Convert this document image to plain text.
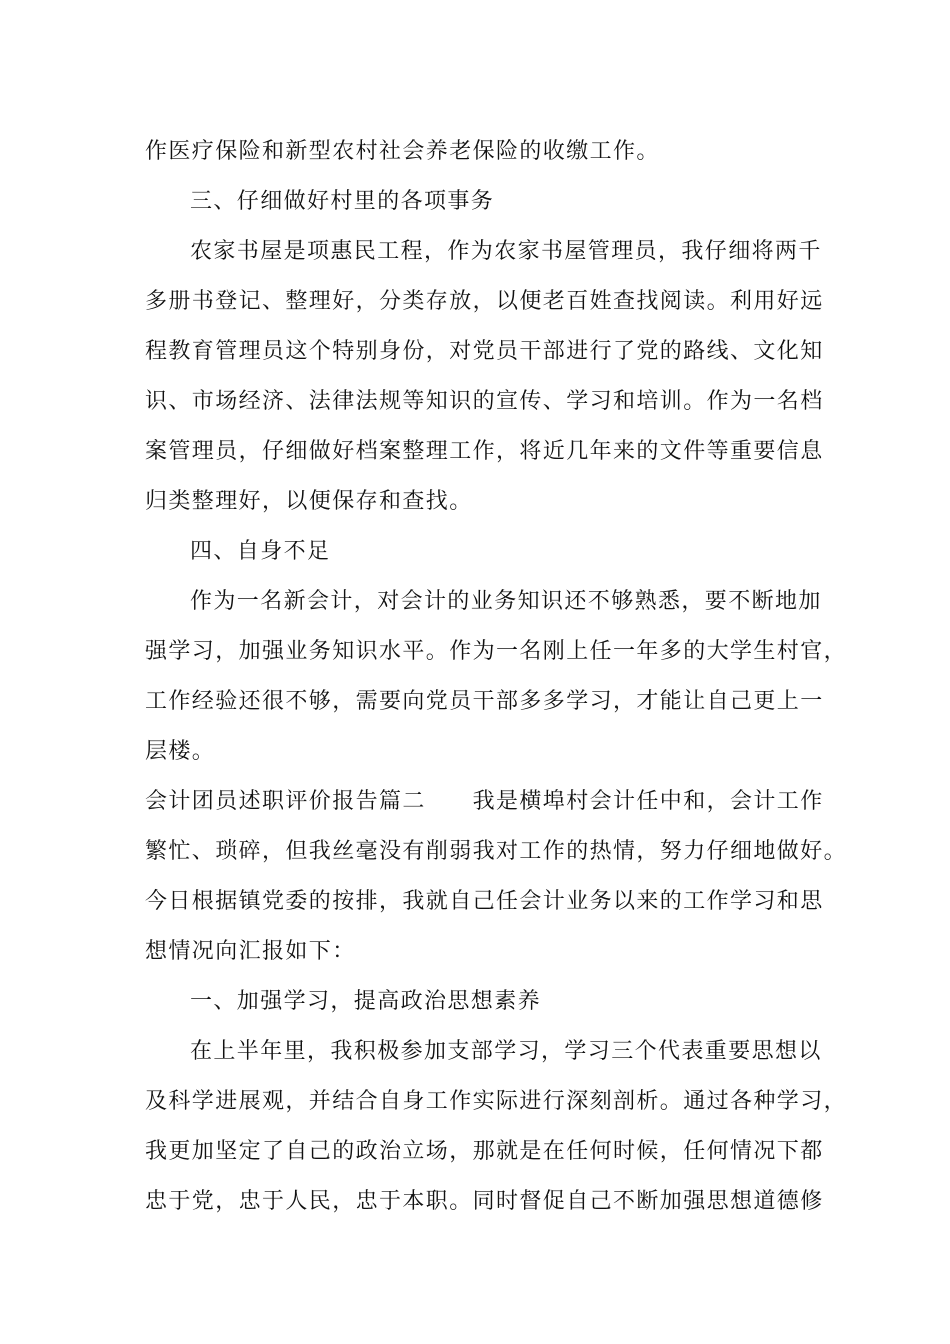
作医疗保险和新型农村社会养老保险的收缴工作。
三、仔细做好村里的各项事务
农家书屋是项惠民工程，作为农家书屋管理员，我仔细将两千
多册书登记、整理好，分类存放，以便老百姓查找阅读。利用好远
程教育管理员这个特别身份，对党员干部进行了党的路线、文化知
识、市场经济、法律法规等知识的宣传、学习和培训。作为一名档
案管理员，仔细做好档案整理工作，将近几年来的文件等重要信息
归类整理好，以便保存和查找。
四、自身不足
作为一名新会计，对会计的业务知识还不够熟悉，要不断地加
强学习，加强业务知识水平。作为一名刚上任一年多的大学生村官，
工作经验还很不够，需要向党员干部多多学习，才能让自己更上一
层楼。
会计团员述职评价报告篇二　　我是横埠村会计任中和，会计工作
繁忙、琐碎，但我丝毫没有削弱我对工作的热情，努力仔细地做好。
今日根据镇党委的按排，我就自己任会计业务以来的工作学习和思
想情况向汇报如下：
一、加强学习，提高政治思想素养
在上半年里，我积极参加支部学习，学习三个代表重要思想以
及科学进展观，并结合自身工作实际进行深刻剖析。通过各种学习，
我更加坚定了自己的政治立场，那就是在任何时候，任何情况下都
忠于党，忠于人民，忠于本职。同时督促自己不断加强思想道德修
